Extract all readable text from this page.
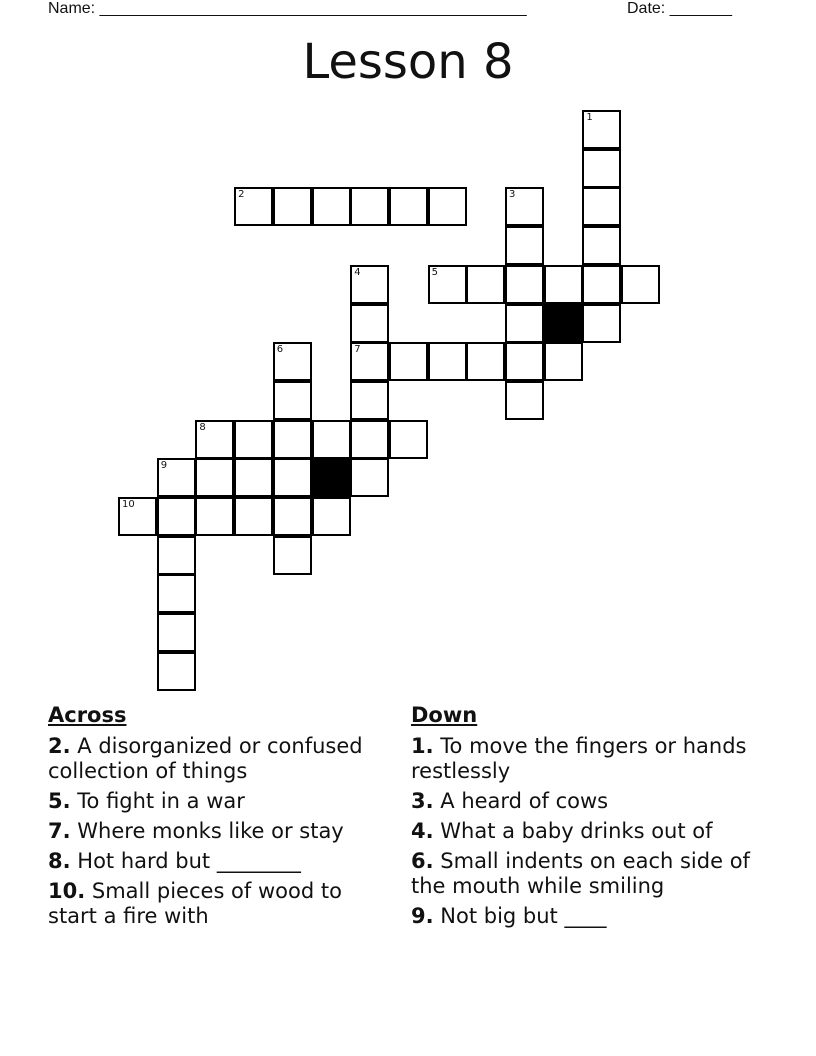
Name: ________________________________________________	Date: _______
Lesson 8
1
2	3
4
7
5
6
8
9
10
Across
2. A disorganized or confused collection of things
5. To fight in a war
7. Where monks like or stay
8. Hot hard but ________
10. Small pieces of wood to start a fire with
Down
1. To move the fingers or hands restlessly
3. A heard of cows
4. What a baby drinks out of
6. Small indents on each side of the mouth while smiling
9. Not big but ____
